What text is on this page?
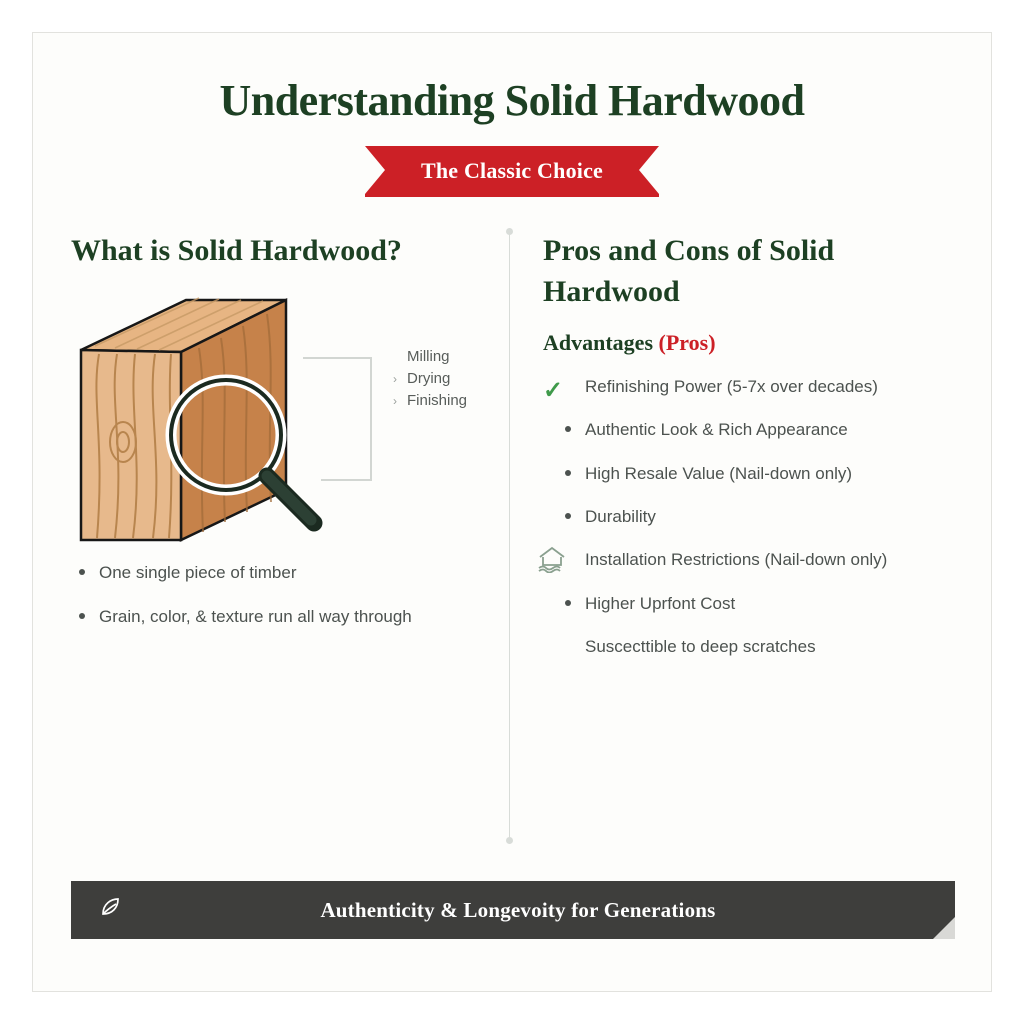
Understanding Solid Hardwood
The Classic Choice
What is Solid Hardwood?

Milling
› Drying
› Finishing
One single piece of timber
Grain, color, & texture run all way through
Pros and Cons of Solid Hardwood
Advantages (Pros)
✓ Refinishing Power (5-7x over decades)
Authentic Look & Rich Appearance
High Resale Value (Nail-down only)
Durability
Installation Restrictions (Nail-down only)
Higher Uprfont Cost
Suscecttible to deep scratches
Authenticity & Longevoity for Generations
